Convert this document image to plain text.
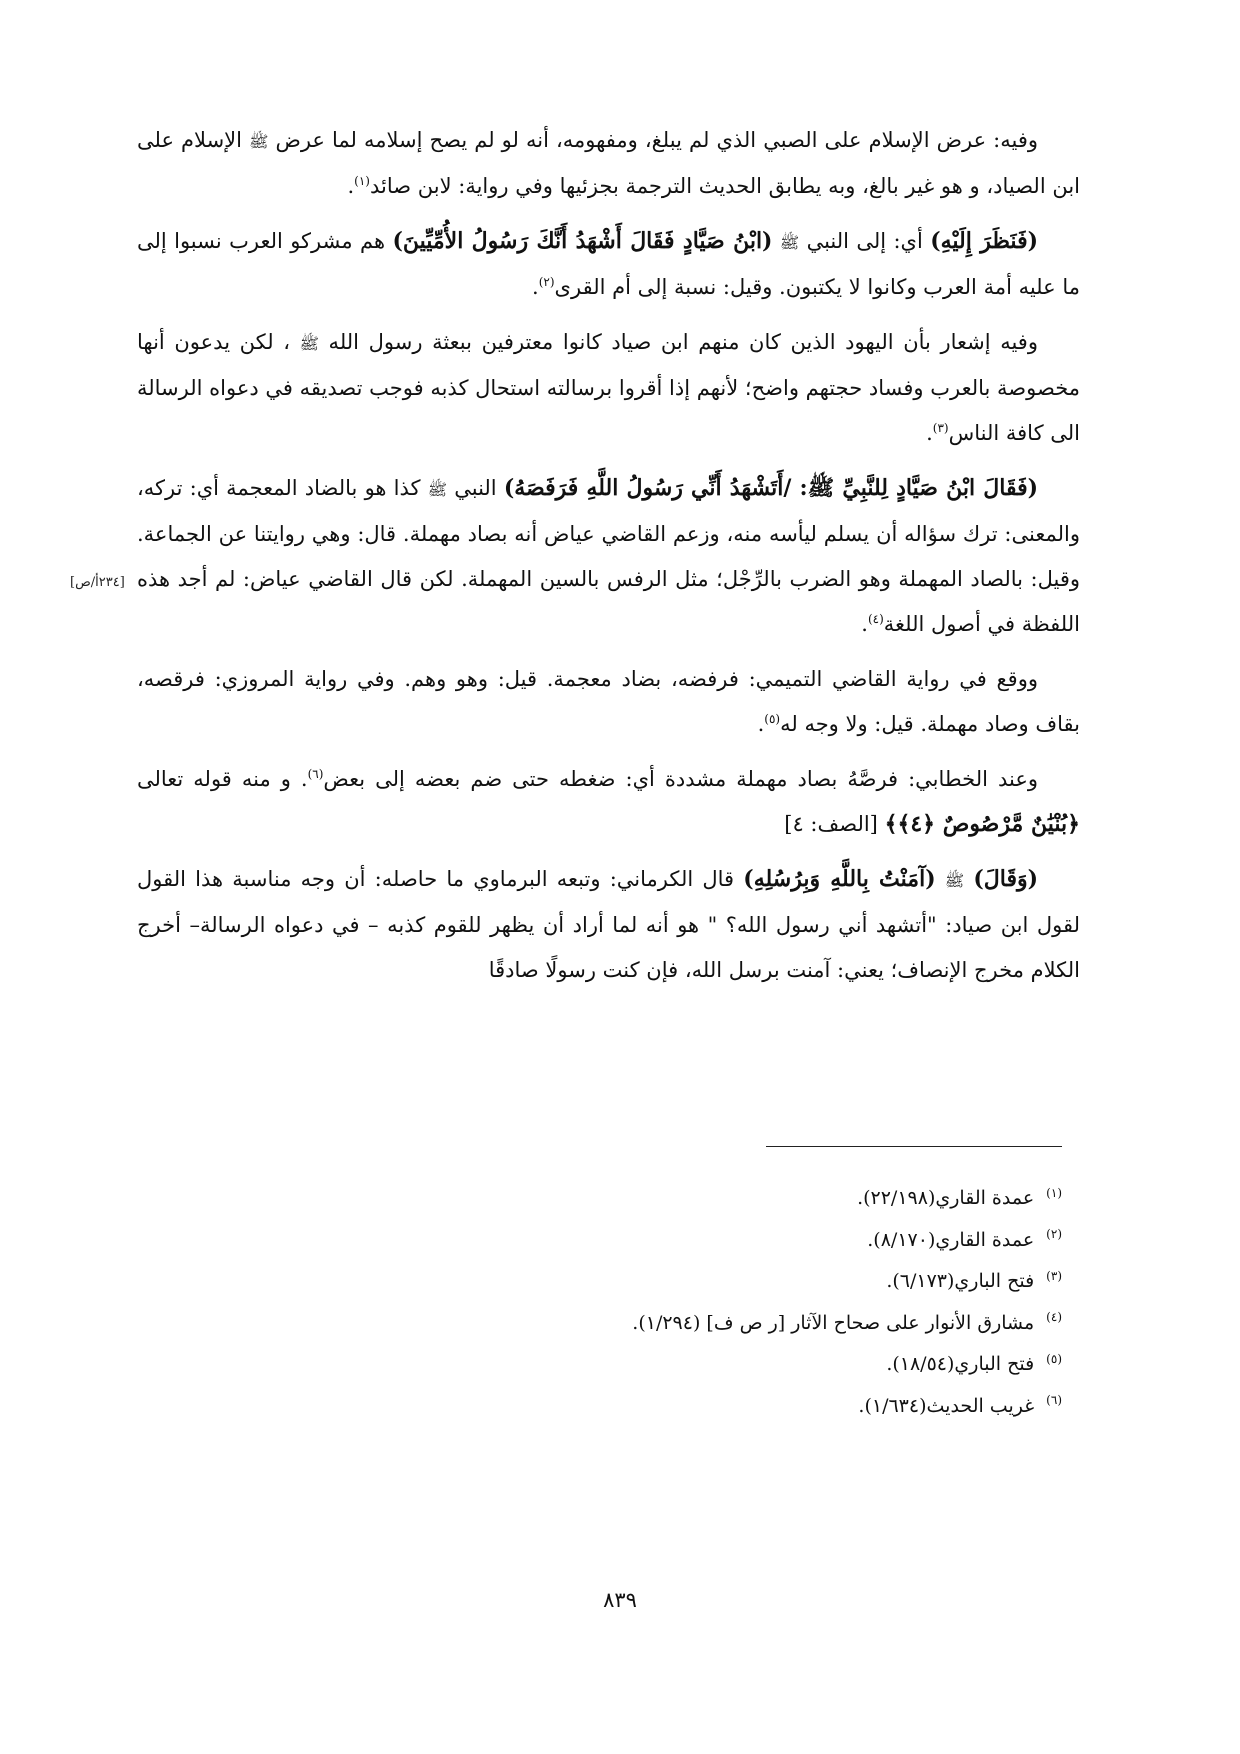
وفيه: عرض الإسلام على الصبي الذي لم يبلغ، ومفهومه، أنه لو لم يصح إسلامه لما عرض ﷺ الإسلام على ابن الصياد، و هو غير بالغ، وبه يطابق الحديث الترجمة بجزئيها وفي رواية: لابن صائد$^{(١)}$.

(فَنَظَرَ إِلَيْهِ) أي: إلى النبي ﷺ (ابْنُ صَيَّادٍ فَقَالَ أَشْهَدُ أَنَّكَ رَسُولُ الأُمِّيِّينَ) هم مشركو العرب نسبوا إلى ما عليه أمة العرب وكانوا لا يكتبون. وقيل: نسبة إلى أم القرى$^{(٢)}$.

وفيه إشعار بأن اليهود الذين كان منهم ابن صياد كانوا معترفين ببعثة رسول الله ﷺ ، لكن يدعون أنها مخصوصة بالعرب وفساد حجتهم واضح؛ لأنهم إذا أقروا برسالته استحال كذبه فوجب تصديقه في دعواه الرسالة الى كافة الناس$^{(٣)}$.

(فَقَالَ ابْنُ صَيَّادٍ لِلنَّبِيِّ ﷺ: /أَتَشْهَدُ أَنِّي رَسُولُ اللَّهِ فَرَفَصَهُ) النبي ﷺ كذا هو بالضاد المعجمة أي: تركه، والمعنى: ترك سؤاله أن يسلم ليأسه منه، وزعم القاضي عياض أنه بصاد مهملة. قال: وهي روايتنا عن الجماعة. وقيل: بالصاد المهملة وهو الضرب بالرِّجْل؛ مثل الرفس بالسين المهملة. لكن قال القاضي عياض: لم أجد هذه اللفظة في أصول اللغة$^{(٤)}$.

ووقع في رواية القاضي التميمي: فرفضه، بضاد معجمة. قيل: وهو وهم. وفي رواية المروزي: فرقصه، بقاف وصاد مهملة. قيل: ولا وجه له$^{(٥)}$.

وعند الخطابي: فرصَّهُ بصاد مهملة مشددة أي: ضغطه حتى ضم بعضه إلى بعض$^{(٦)}$. و منه قوله تعالى ﴿بُنْيَٰنٌ مَّرْصُوصٌ ﴿٤﴾﴾ [الصف: ٤]

(وَقَالَ) ﷺ (آمَنْتُ بِاللَّهِ وَبِرُسُلِهِ) قال الكرماني: وتبعه البرماوي ما حاصله: أن وجه مناسبة هذا القول لقول ابن صياد: "أتشهد أني رسول الله؟ " هو أنه لما أراد أن يظهر للقوم كذبه – في دعواه الرسالة– أخرج الكلام مخرج الإنصاف؛ يعني: آمنت برسل الله، فإن كنت رسولًا صادقًا

[٢٣٤أ/ص]
$^{(١)}$عمدة القاري(٢٢/١٩٨).
$^{(٢)}$عمدة القاري(٨/١٧٠).
$^{(٣)}$فتح الباري(٦/١٧٣).
$^{(٤)}$مشارق الأنوار على صحاح الآثار [ر ص ف] (١/٢٩٤).
$^{(٥)}$فتح الباري(١٨/٥٤).
$^{(٦)}$غريب الحديث(١/٦٣٤).
٨٣٩
